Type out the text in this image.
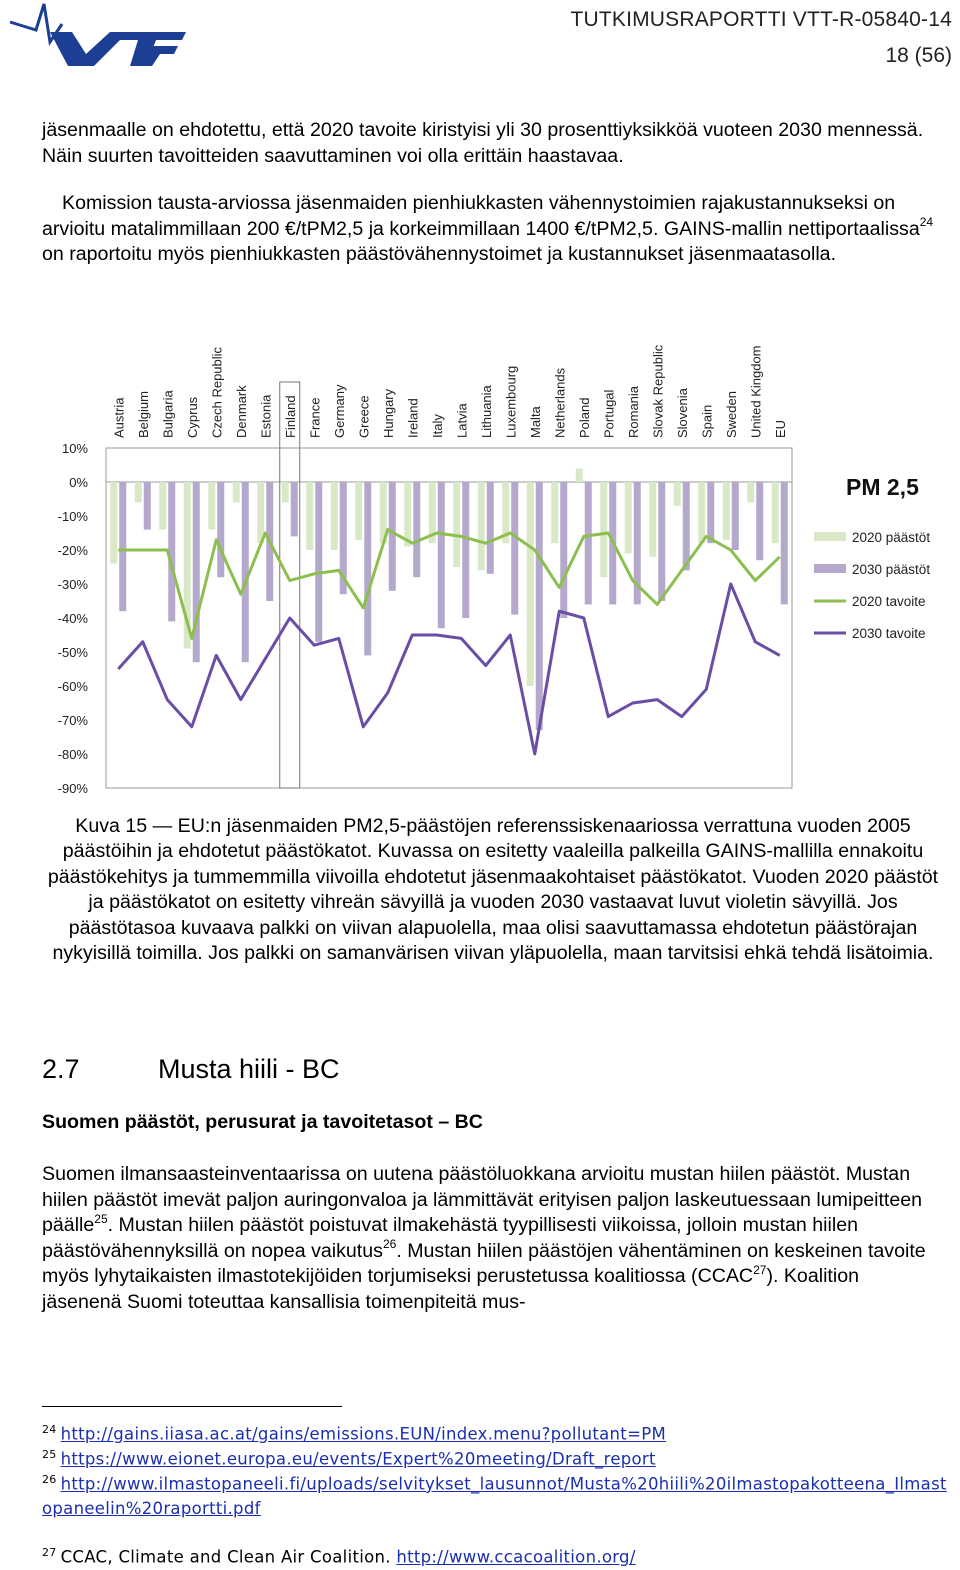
VTT
TUTKIMUSRAPORTTI VTT-R-05840-14
18 (56)

jäsenmaalle on ehdotettu, että 2020 tavoite kiristyisi yli 30 prosenttiyksikköä vuoteen 2030 mennessä. Näin suurten tavoitteiden saavuttaminen voi olla erittäin haastavaa.

Komission tausta-arviossa jäsenmaiden pienhiukkasten vähennystoimien rajakustannukseksi on arvioitu matalimmillaan 200 €/tPM2,5 ja korkeimmillaan 1400 €/tPM2,5. GAINS-mallin nettiportaalissa$^{24}$ on raportoitu myös pienhiukkasten päästövähennystoimet ja kustannukset jäsenmaatasolla.

10%
0%
-10%
-20%
-30%
-40%
-50%
-60%
-70%
-80%
-90%
Austria Belgium Bulgaria Cyprus Czech Republic Denmark Estonia Finland France Germany Greece Hungary Ireland Italy Latvia Lithuania Luxembourg Malta Netherlands Poland Portugal Romania Slovak Republic Slovenia Spain Sweden United Kingdom EU
PM 2,5
2020 päästöt
2030 päästöt
2020 tavoite
2030 tavoite

Kuva 15 — EU:n jäsenmaiden PM2,5-päästöjen referenssiskenaariossa verrattuna vuoden 2005 päästöihin ja ehdotetut päästökatot. Kuvassa on esitetty vaaleilla palkeilla GAINS-mallilla ennakoitu päästökehitys ja tummemmilla viivoilla ehdotetut jäsenmaakohtaiset päästökatot. Vuoden 2020 päästöt ja päästökatot on esitetty vihreän sävyillä ja vuoden 2030 vastaavat luvut violetin sävyillä. Jos päästötasoa kuvaava palkki on viivan alapuolella, maa olisi saavuttamassa ehdotetun päästörajan nykyisillä toimilla. Jos palkki on samanvärisen viivan yläpuolella, maan tarvitsisi ehkä tehdä lisätoimia.

2.7	Musta hiili - BC
Suomen päästöt, perusurat ja tavoitetasot – BC

Suomen ilmansaasteinventaarissa on uutena päästöluokkana arvioitu mustan hiilen päästöt. Mustan hiilen päästöt imevät paljon auringonvaloa ja lämmittävät erityisen paljon laskeutuessaan lumipeitteen päälle$^{25}$. Mustan hiilen päästöt poistuvat ilmakehästä tyypillisesti viikoissa, jolloin mustan hiilen päästövähennyksillä on nopea vaikutus$^{26}$. Mustan hiilen päästöjen vähentäminen on keskeinen tavoite myös lyhytaikaisten ilmastotekijöiden torjumiseksi perustetussa koalitiossa (CCAC$^{27}$). Koalition jäsenenä Suomi toteuttaa kansallisia toimenpiteitä mus-

$^{24}$ http://gains.iiasa.ac.at/gains/emissions.EUN/index.menu?pollutant=PM
$^{25}$ https://www.eionet.europa.eu/events/Expert%20meeting/Draft_report
$^{26}$ http://www.ilmastopaneeli.fi/uploads/selvitykset_lausunnot/Musta%20hiili%20ilmastopakotteena_Ilmastopaneelin%20raportti.pdf
$^{27}$ CCAC, Climate and Clean Air Coalition. http://www.ccacoalition.org/
